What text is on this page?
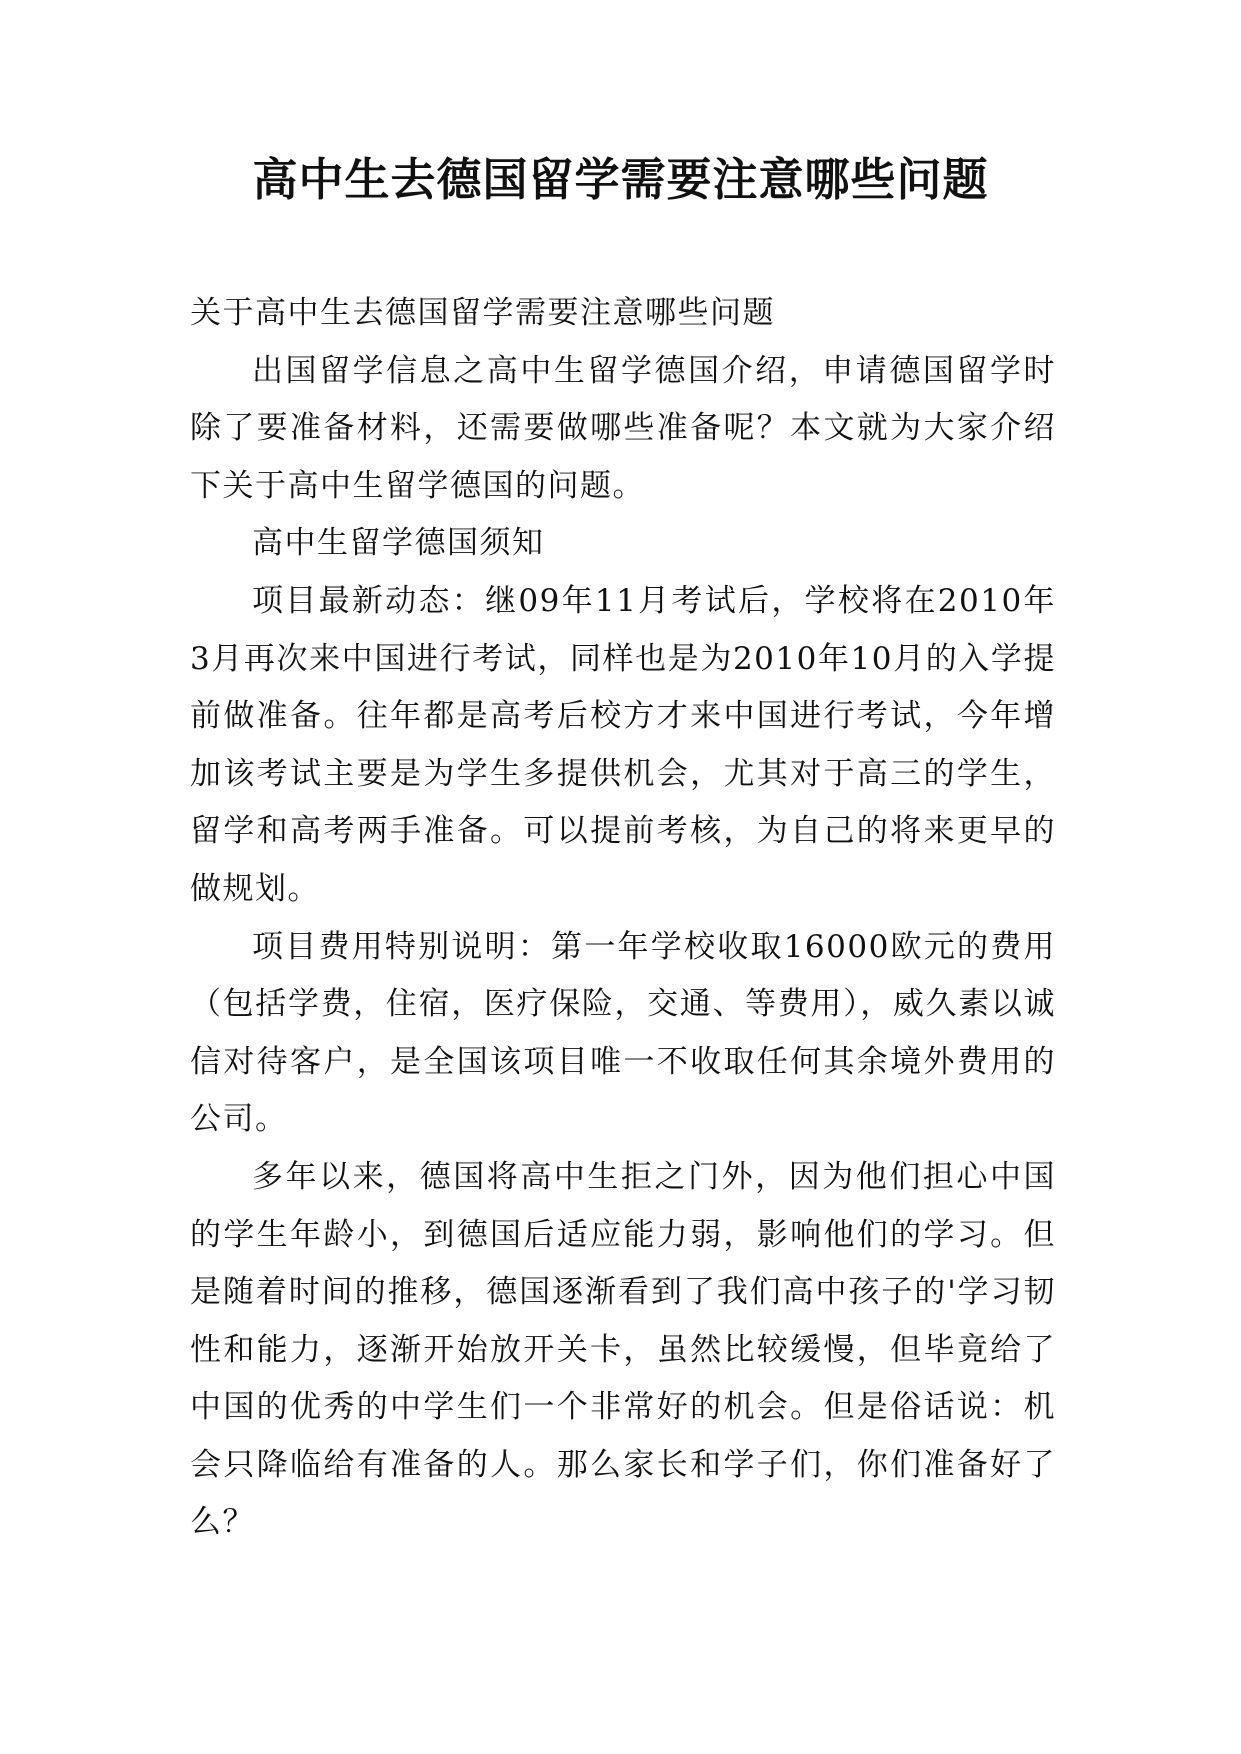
高中生去德国留学需要注意哪些问题

关于高中生去德国留学需要注意哪些问题

出国留学信息之高中生留学德国介绍，申请德国留学时除了要准备材料，还需要做哪些准备呢？本文就为大家介绍下关于高中生留学德国的问题。

高中生留学德国须知

项目最新动态：继09年11月考试后，学校将在2010年3月再次来中国进行考试，同样也是为2010年10月的入学提前做准备。往年都是高考后校方才来中国进行考试，今年增加该考试主要是为学生多提供机会，尤其对于高三的学生，留学和高考两手准备。可以提前考核，为自己的将来更早的做规划。

项目费用特别说明：第一年学校收取16000欧元的费用（包括学费，住宿，医疗保险，交通、等费用），威久素以诚信对待客户，是全国该项目唯一不收取任何其余境外费用的公司。

多年以来，德国将高中生拒之门外，因为他们担心中国的学生年龄小，到德国后适应能力弱，影响他们的学习。但是随着时间的推移，德国逐渐看到了我们高中孩子的'学习韧性和能力，逐渐开始放开关卡，虽然比较缓慢，但毕竟给了中国的优秀的中学生们一个非常好的机会。但是俗话说：机会只降临给有准备的人。那么家长和学子们，你们准备好了么？
